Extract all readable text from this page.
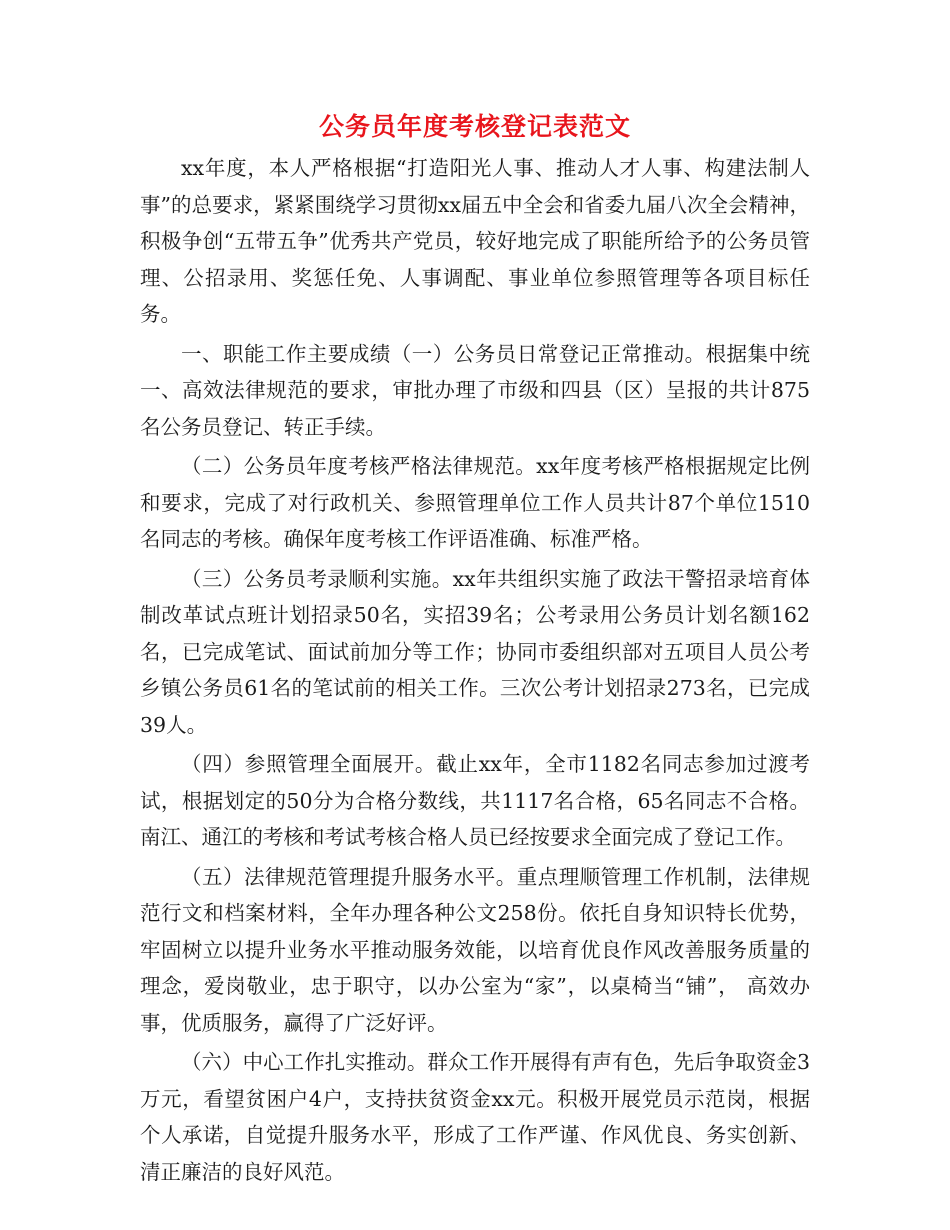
公务员年度考核登记表范文

xx年度，本人严格根据“打造阳光人事、推动人才人事、构建法制人事”的总要求，紧紧围绕学习贯彻xx届五中全会和省委九届八次全会精神，积极争创“五带五争”优秀共产党员，较好地完成了职能所给予的公务员管理、公招录用、奖惩任免、人事调配、事业单位参照管理等各项目标任务。

一、职能工作主要成绩（一）公务员日常登记正常推动。根据集中统一、高效法律规范的要求，审批办理了市级和四县（区）呈报的共计875名公务员登记、转正手续。

（二）公务员年度考核严格法律规范。xx年度考核严格根据规定比例和要求，完成了对行政机关、参照管理单位工作人员共计87个单位1510名同志的考核。确保年度考核工作评语准确、标准严格。

（三）公务员考录顺利实施。xx年共组织实施了政法干警招录培育体制改革试点班计划招录50名，实招39名；公考录用公务员计划名额162名，已完成笔试、面试前加分等工作；协同市委组织部对五项目人员公考乡镇公务员61名的笔试前的相关工作。三次公考计划招录273名，已完成39人。

（四）参照管理全面展开。截止xx年，全市1182名同志参加过渡考试，根据划定的50分为合格分数线，共1117名合格，65名同志不合格。南江、通江的考核和考试考核合格人员已经按要求全面完成了登记工作。

（五）法律规范管理提升服务水平。重点理顺管理工作机制，法律规范行文和档案材料，全年办理各种公文258份。依托自身知识特长优势，牢固树立以提升业务水平推动服务效能，以培育优良作风改善服务质量的理念，爱岗敬业，忠于职守，以办公室为“家”，以桌椅当“铺”， 高效办事，优质服务，赢得了广泛好评。

（六）中心工作扎实推动。群众工作开展得有声有色，先后争取资金3万元，看望贫困户4户，支持扶贫资金xx元。积极开展党员示范岗，根据个人承诺，自觉提升服务水平，形成了工作严谨、作风优良、务实创新、清正廉洁的良好风范。
